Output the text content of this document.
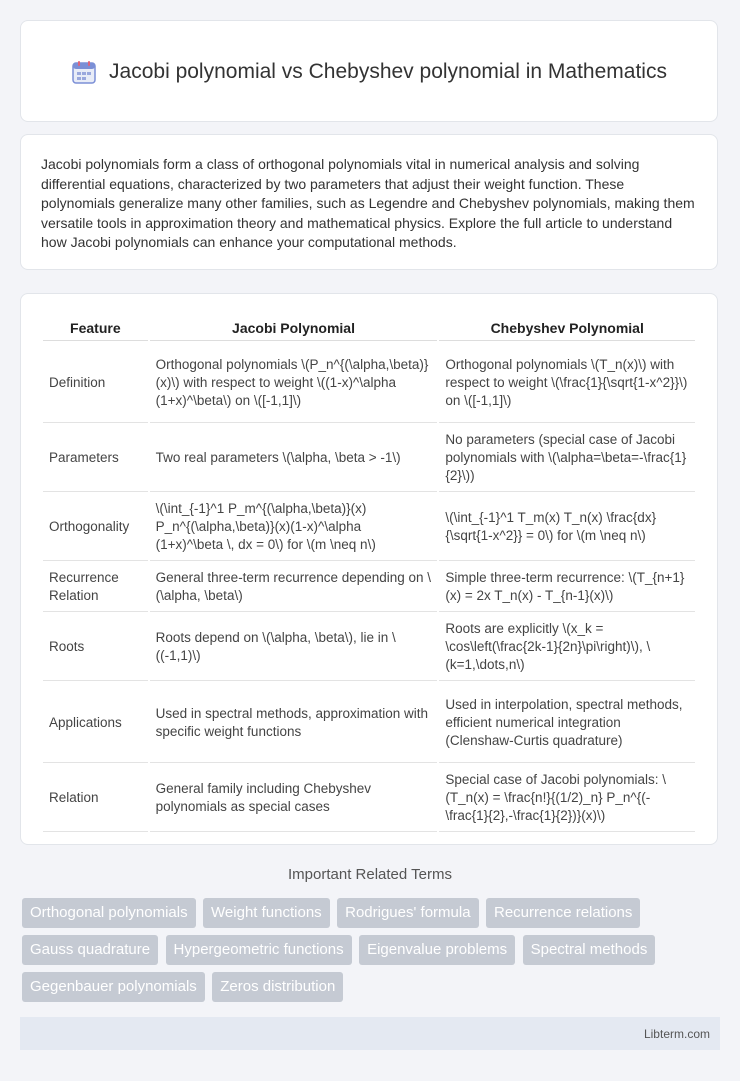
Jacobi polynomial vs Chebyshev polynomial in Mathematics

Jacobi polynomials form a class of orthogonal polynomials vital in numerical analysis and solving differential equations, characterized by two parameters that adjust their weight function. These polynomials generalize many other families, such as Legendre and Chebyshev polynomials, making them versatile tools in approximation theory and mathematical physics. Explore the full article to understand how Jacobi polynomials can enhance your computational methods.

Feature	Jacobi Polynomial	Chebyshev Polynomial
Definition	Orthogonal polynomials \(P_n^{(\alpha,\beta)}(x)\) with respect to weight \((1-x)^\alpha (1+x)^\beta\) on \([-1,1]\)	Orthogonal polynomials \(T_n(x)\) with respect to weight \(\frac{1}{\sqrt{1-x^2}}\) on \([-1,1]\)
Parameters	Two real parameters \(\alpha, \beta > -1\)	No parameters (special case of Jacobi polynomials with \(\alpha=\beta=-\frac{1}{2}\))
Orthogonality	\(\int_{-1}^1 P_m^{(\alpha,\beta)}(x) P_n^{(\alpha,\beta)}(x)(1-x)^\alpha (1+x)^\beta \, dx = 0\) for \(m \neq n\)	\(\int_{-1}^1 T_m(x) T_n(x) \frac{dx}{\sqrt{1-x^2}} = 0\) for \(m \neq n\)
Recurrence Relation	General three-term recurrence depending on \(\alpha, \beta\)	Simple three-term recurrence: \(T_{n+1}(x) = 2x T_n(x) - T_{n-1}(x)\)
Roots	Roots depend on \(\alpha, \beta\), lie in \((-1,1)\)	Roots are explicitly \(x_k = \cos\left(\frac{2k-1}{2n}\pi\right)\), \(k=1,\dots,n\)
Applications	Used in spectral methods, approximation with specific weight functions	Used in interpolation, spectral methods, efficient numerical integration (Clenshaw-Curtis quadrature)
Relation	General family including Chebyshev polynomials as special cases	Special case of Jacobi polynomials: \(T_n(x) = \frac{n!}{(1/2)_n} P_n^{(-\frac{1}{2},-\frac{1}{2})}(x)\)
Important Related Terms
Orthogonal polynomials Weight functions Rodrigues' formula Recurrence relations Gauss quadrature Hypergeometric functions Eigenvalue problems Spectral methods Gegenbauer polynomials Zeros distribution
Libterm.com
